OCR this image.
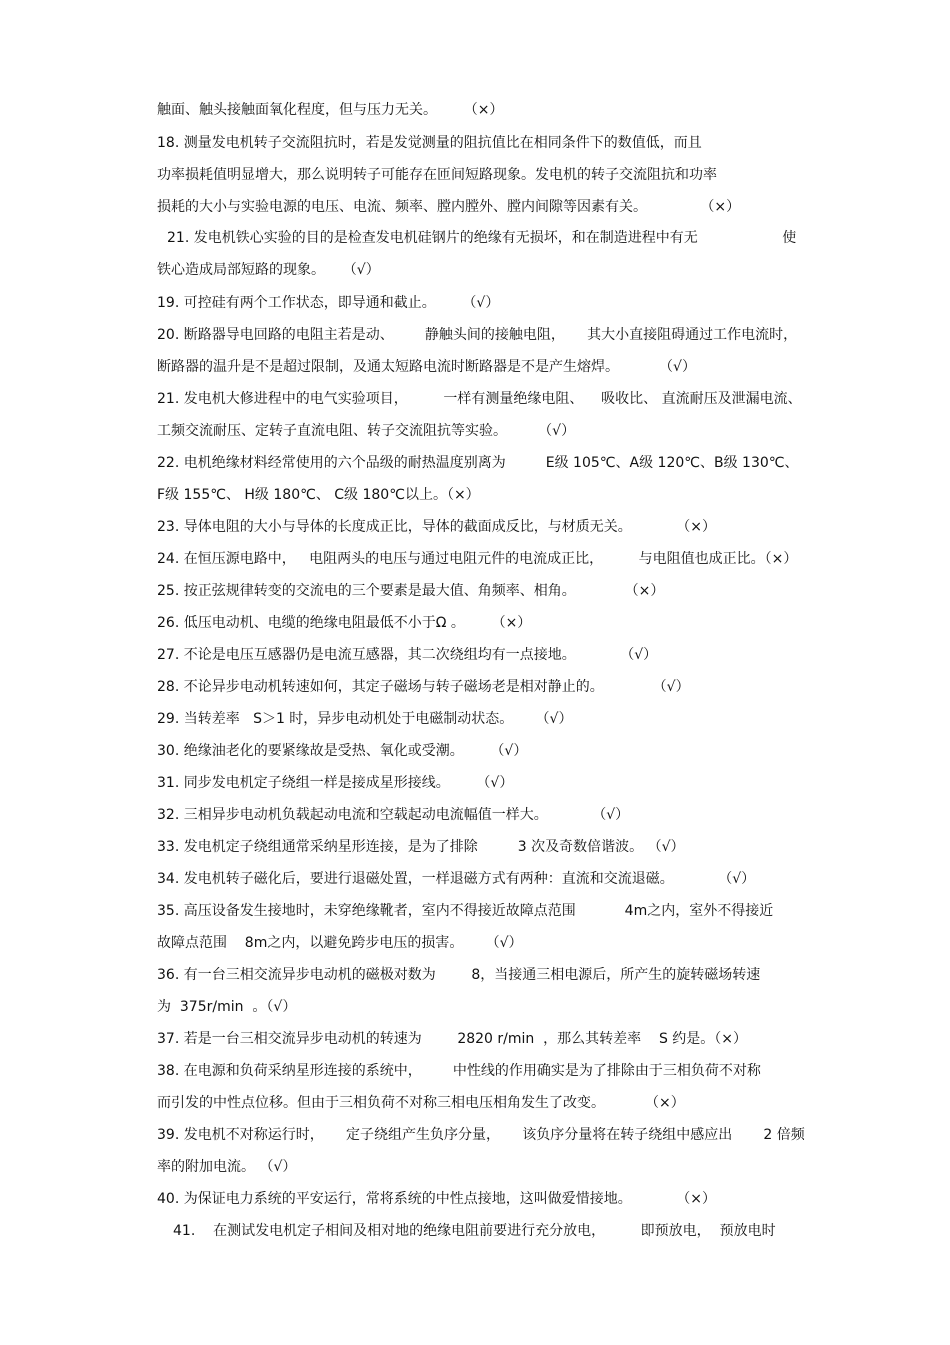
触面、触头接触面氧化程度，但与压力无关。      （×）
18. 测量发电机转子交流阻抗时，若是发觉测量的阻抗值比在相同条件下的数值低，而且
功率损耗值明显增大，那么说明转子可能存在匝间短路现象。发电机的转子交流阻抗和功率
损耗的大小与实验电源的电压、电流、频率、膛内膛外、膛内间隙等因素有关。            （×）
21. 发电机铁心实验的目的是检查发电机硅钢片的绝缘有无损坏，和在制造进程中有无                   使
铁心造成局部短路的现象。    （√）
19. 可控硅有两个工作状态，即导通和截止。      （√）
20. 断路器导电回路的电阻主若是动、       静触头间的接触电阻，     其大小直接阻碍通过工作电流时，
断路器的温升是不是超过限制，及通太短路电流时断路器是不是产生熔焊。         （√）
21. 发电机大修进程中的电气实验项目，        一样有测量绝缘电阻、    吸收比、 直流耐压及泄漏电流、
工频交流耐压、定转子直流电阻、转子交流阻抗等实验。       （√）
22. 电机绝缘材料经常使用的六个品级的耐热温度别离为         E级 105℃、A级 120℃、B级 130℃、
F级 155℃、 H级 180℃、 C级 180℃以上。（×）
23. 导体电阻的大小与导体的长度成正比，导体的截面成反比，与材质无关。          （×）
24. 在恒压源电路中，   电阻两头的电压与通过电阻元件的电流成正比，        与电阻值也成正比。（×）
25. 按正弦规律转变的交流电的三个要素是最大值、角频率、相角。           （×）
26. 低压电动机、电缆的绝缘电阻最低不小于Ω 。      （×）
27. 不论是电压互感器仍是电流互感器，其二次绕组均有一点接地。          （√）
28. 不论异步电动机转速如何，其定子磁场与转子磁场老是相对静止的。           （√）
29. 当转差率   S＞1 时，异步电动机处于电磁制动状态。     （√）
30. 绝缘油老化的要紧缘故是受热、氧化或受潮。      （√）
31. 同步发电机定子绕组一样是接成星形接线。      （√）
32. 三相异步电动机负载起动电流和空载起动电流幅值一样大。          （√）
33. 发电机定子绕组通常采纳星形连接，是为了排除         3 次及奇数倍谐波。 （√）
34. 发电机转子磁化后，要进行退磁处置，一样退磁方式有两种：直流和交流退磁。          （√）
35. 高压设备发生接地时，未穿绝缘靴者，室内不得接近故障点范围           4m之内，室外不得接近
故障点范围    8m之内，以避免跨步电压的损害。     （√）
36. 有一台三相交流异步电动机的磁极对数为        8，当接通三相电源后，所产生的旋转磁场转速
为  375r/min  。（√）
37. 若是一台三相交流异步电动机的转速为        2820 r/min  ，那么其转差率    S 约是。（×）
38. 在电源和负荷采纳星形连接的系统中，       中性线的作用确实是为了排除由于三相负荷不对称
而引发的中性点位移。但由于三相负荷不对称三相电压相角发生了改变。         （×）
39. 发电机不对称运行时，     定子绕组产生负序分量，     该负序分量将在转子绕组中感应出       2 倍频
率的附加电流。 （√）
40. 为保证电力系统的平安运行，常将系统的中性点接地，这叫做爱惜接地。          （×）
41.    在测试发电机定子相间及相对地的绝缘电阻前要进行充分放电，        即预放电，  预放电时
